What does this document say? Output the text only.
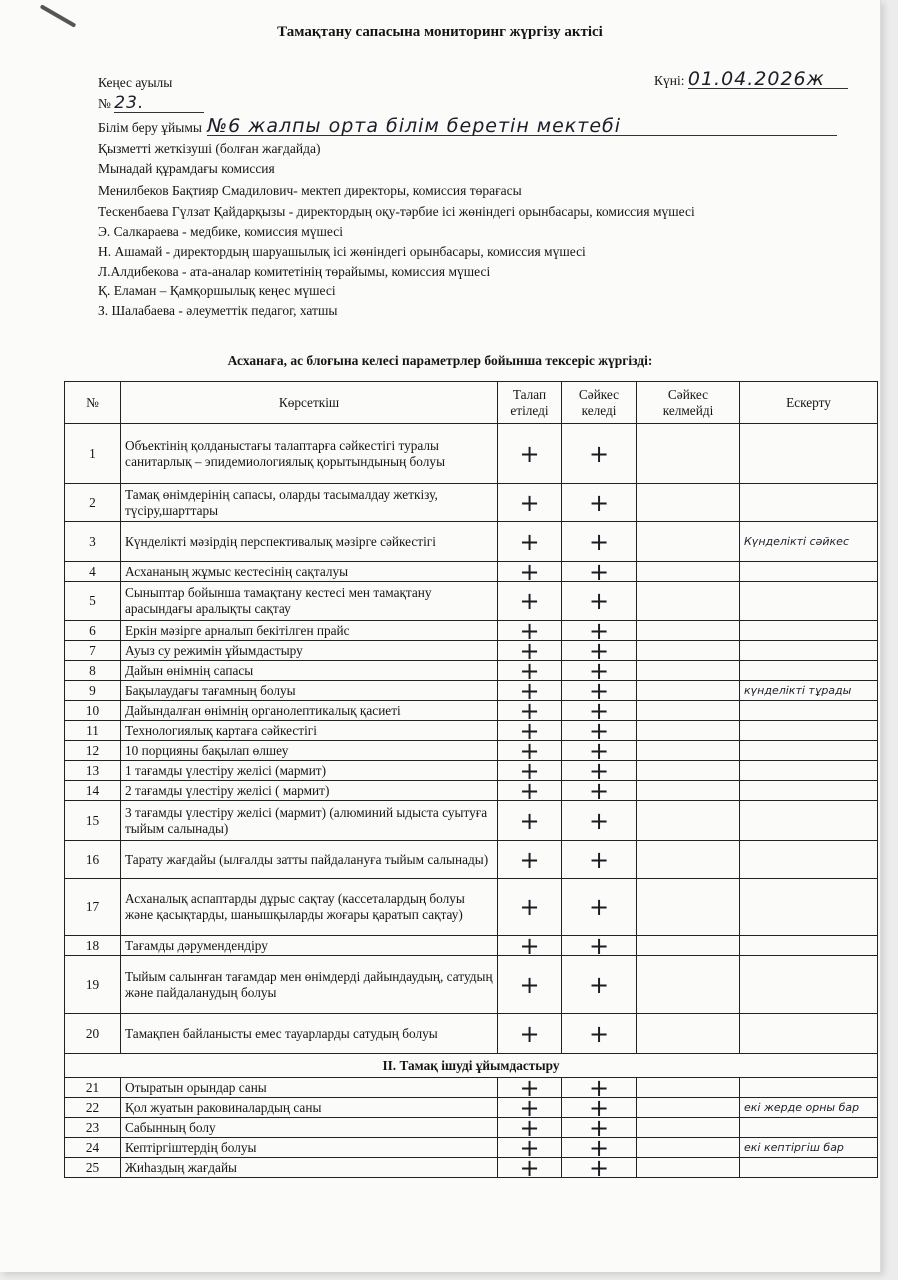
Тамақтану сапасына мониторинг жүргізу актісі
Кеңес ауылы	Күні: 01.04.2026ж
№ 23.
Білім беру ұйымы №6 жалпы орта білім беретін мектебі
Қызметті жеткізуші (болған жағдайда)
Мынадай құрамдағы комиссия
Менилбеков Бақтияр Смадилович- мектеп директоры, комиссия төрағасы
Тескенбаева Гүлзат Қайдарқызы - директордың оқу-тәрбие ісі жөніндегі орынбасары, комиссия мүшесі
Э. Салкараева - медбике, комиссия мүшесі
Н. Ашамай - директордың шаруашылық ісі жөніндегі орынбасары, комиссия мүшесі
Л.Алдибекова - ата-аналар комитетінің төрайымы, комиссия мүшесі
Қ. Еламан – Қамқоршылық кеңес мүшесі
З. Шалабаева - әлеуметтік педагог, хатшы
Асханаға, ас блоғына келесі параметрлер бойынша тексеріс жүргізді:
№	Көрсеткіш	Талап етіледі	Сәйкес келеді	Сәйкес келмейді	Ескерту
1	Объектінің қолданыстағы талаптарға сәйкестігі туралы санитарлық – эпидемиологиялық қорытындының болуы	+	+		
2	Тамақ өнімдерінің сапасы, оларды тасымалдау жеткізу, түсіру,шарттары	+	+		
3	Күнделікті мәзірдің перспективалық мәзірге сәйкестігі	+	+		Күнделікті сәйкес
4	Асхананың жұмыс кестесінің сақталуы	+	+		
5	Сыныптар бойынша тамақтану кестесі мен тамақтану арасындағы аралықты сақтау	+	+		
6	Еркін мәзірге арналып бекітілген прайс	+	+		
7	Ауыз су режимін ұйымдастыру	+	+		
8	Дайын өнімнің сапасы	+	+		
9	Бақылаудағы тағамның болуы	+	+		күнделікті тұрады
10	Дайындалған өнімнің органолептикалық қасиеті	+	+		
11	Технологиялық картаға сәйкестігі	+	+		
12	10 порцияны бақылап өлшеу	+	+		
13	1 тағамды үлестіру желісі (мармит)	+	+		
14	2 тағамды үлестіру желісі ( мармит)	+	+		
15	3 тағамды үлестіру желісі (мармит) (алюминий ыдыста суытуға тыйым салынады)	+	+		
16	Тарату жағдайы (ылғалды затты пайдалануға тыйым салынады)	+	+		
17	Асханалық аспаптарды дұрыс сақтау (кассеталардың болуы және қасықтарды, шанышқыларды жоғары қаратып сақтау)	+	+		
18	Тағамды дәрумендендіру	+	+		
19	Тыйым салынған тағамдар мен өнімдерді дайындаудың, сатудың және пайдаланудың болуы	+	+		
20	Тамақпен байланысты емес тауарларды сатудың болуы	+	+		
II. Тамақ ішуді ұйымдастыру					
21	Отыратын орындар саны	+	+		
22	Қол жуатын раковиналардың саны	+	+		екі жерде орны бар
23	Сабынның болу	+	+		
24	Кептіргіштердің болуы	+	+		екі кептіргіш бар
25	Жиһаздың жағдайы	+	+		
